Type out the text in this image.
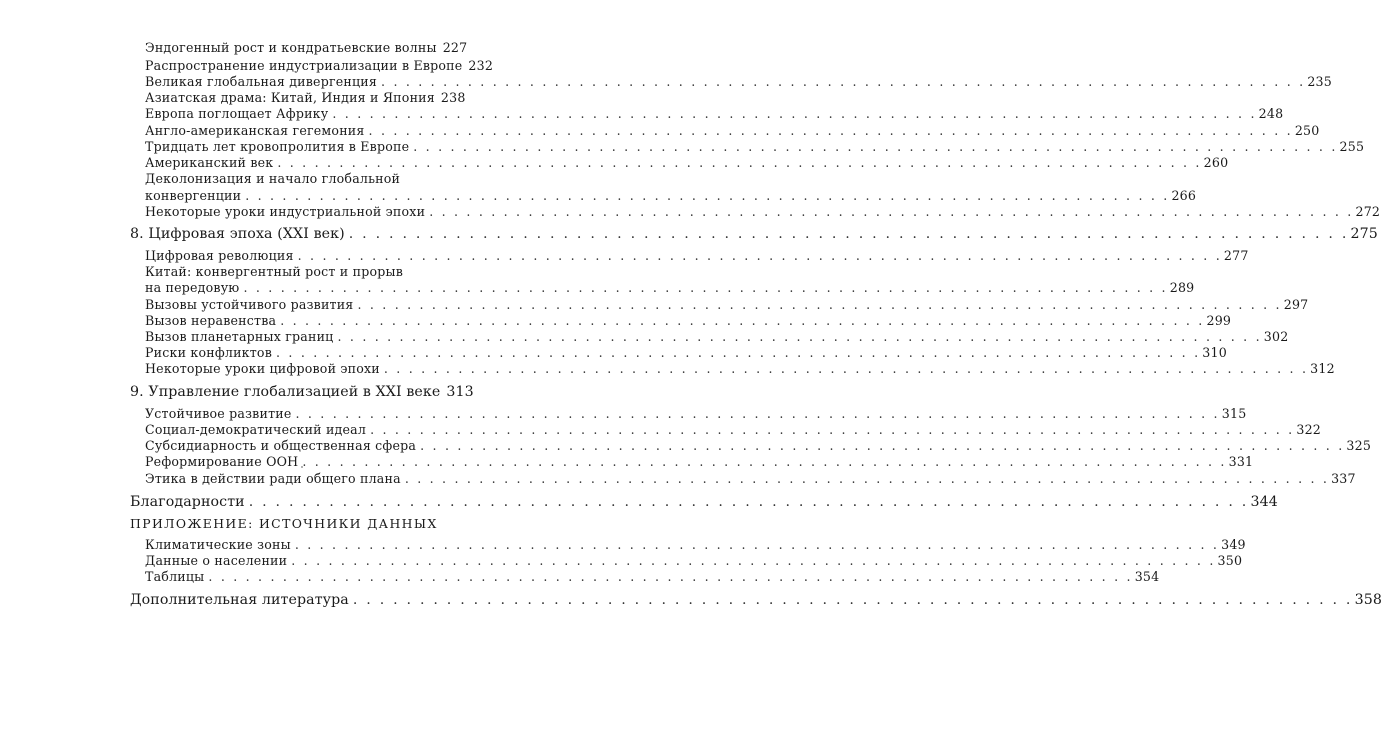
Эндогенный рост и кондратьевские волны 227
Распространение индустриализации в Европе 232
Великая глобальная дивергенция . . .	235
Азиатская драма: Китай, Индия и Япония 238
Европа поглощает Африку . . .	248
Англо-американская гегемония . . .	250
Тридцать лет кровопролития в Европе . . .	255
Американский век . . .	260
Деколонизация и начало глобальной
конвергенции . . .	266
Некоторые уроки индустриальной эпохи . . .	272
8. Цифровая эпоха (XXI век) . . .	275
Цифровая революция . . .	277
Китай: конвергентный рост и прорыв
на передовую . . .	289
Вызовы устойчивого развития . . .	297
Вызов неравенства . . .	299
Вызов планетарных границ . . .	302
Риски конфликтов . . .	310
Некоторые уроки цифровой эпохи . . .	312
9. Управление глобализацией в XXI веке 313
Устойчивое развитие . . .	315
Социал-демократический идеал . . .	322
Субсидиарность и общественная сфера . . .	325
Реформирование ООН . . .	331
Этика в действии ради общего плана . . .	337
Благодарности . . .	344
ПРИЛОЖЕНИЕ: ИСТОЧНИКИ ДАННЫХ
Климатические зоны . . .	349
Данные о населении . . .	350
Таблицы . . .	354
Дополнительная литература . . .	358
